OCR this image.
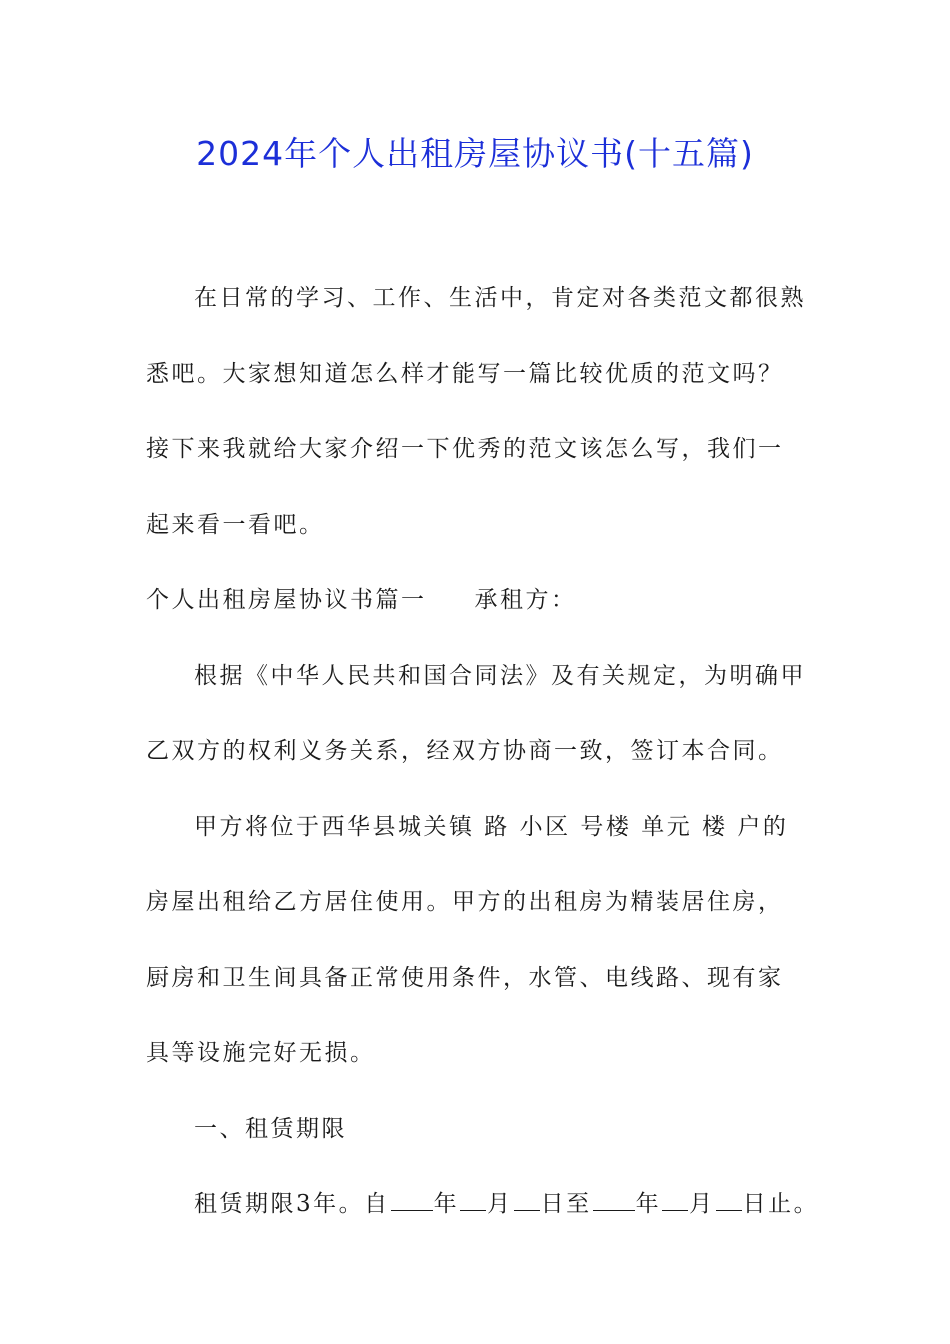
2024年个人出租房屋协议书(十五篇)

在日常的学习、工作、生活中，肯定对各类范文都很熟悉吧。大家想知道怎么样才能写一篇比较优质的范文吗？接下来我就给大家介绍一下优秀的范文该怎么写，我们一起来看一看吧。

个人出租房屋协议书篇一 承租方：

根据《中华人民共和国合同法》及有关规定，为明确甲乙双方的权利义务关系，经双方协商一致，签订本合同。

甲方将位于西华县城关镇 路 小区 号楼 单元 楼 户的房屋出租给乙方居住使用。甲方的出租房为精装居住房，厨房和卫生间具备正常使用条件，水管、电线路、现有家具等设施完好无损。

一、租赁期限

租赁期限3年。自 年 月 日至 年 月 日止。
